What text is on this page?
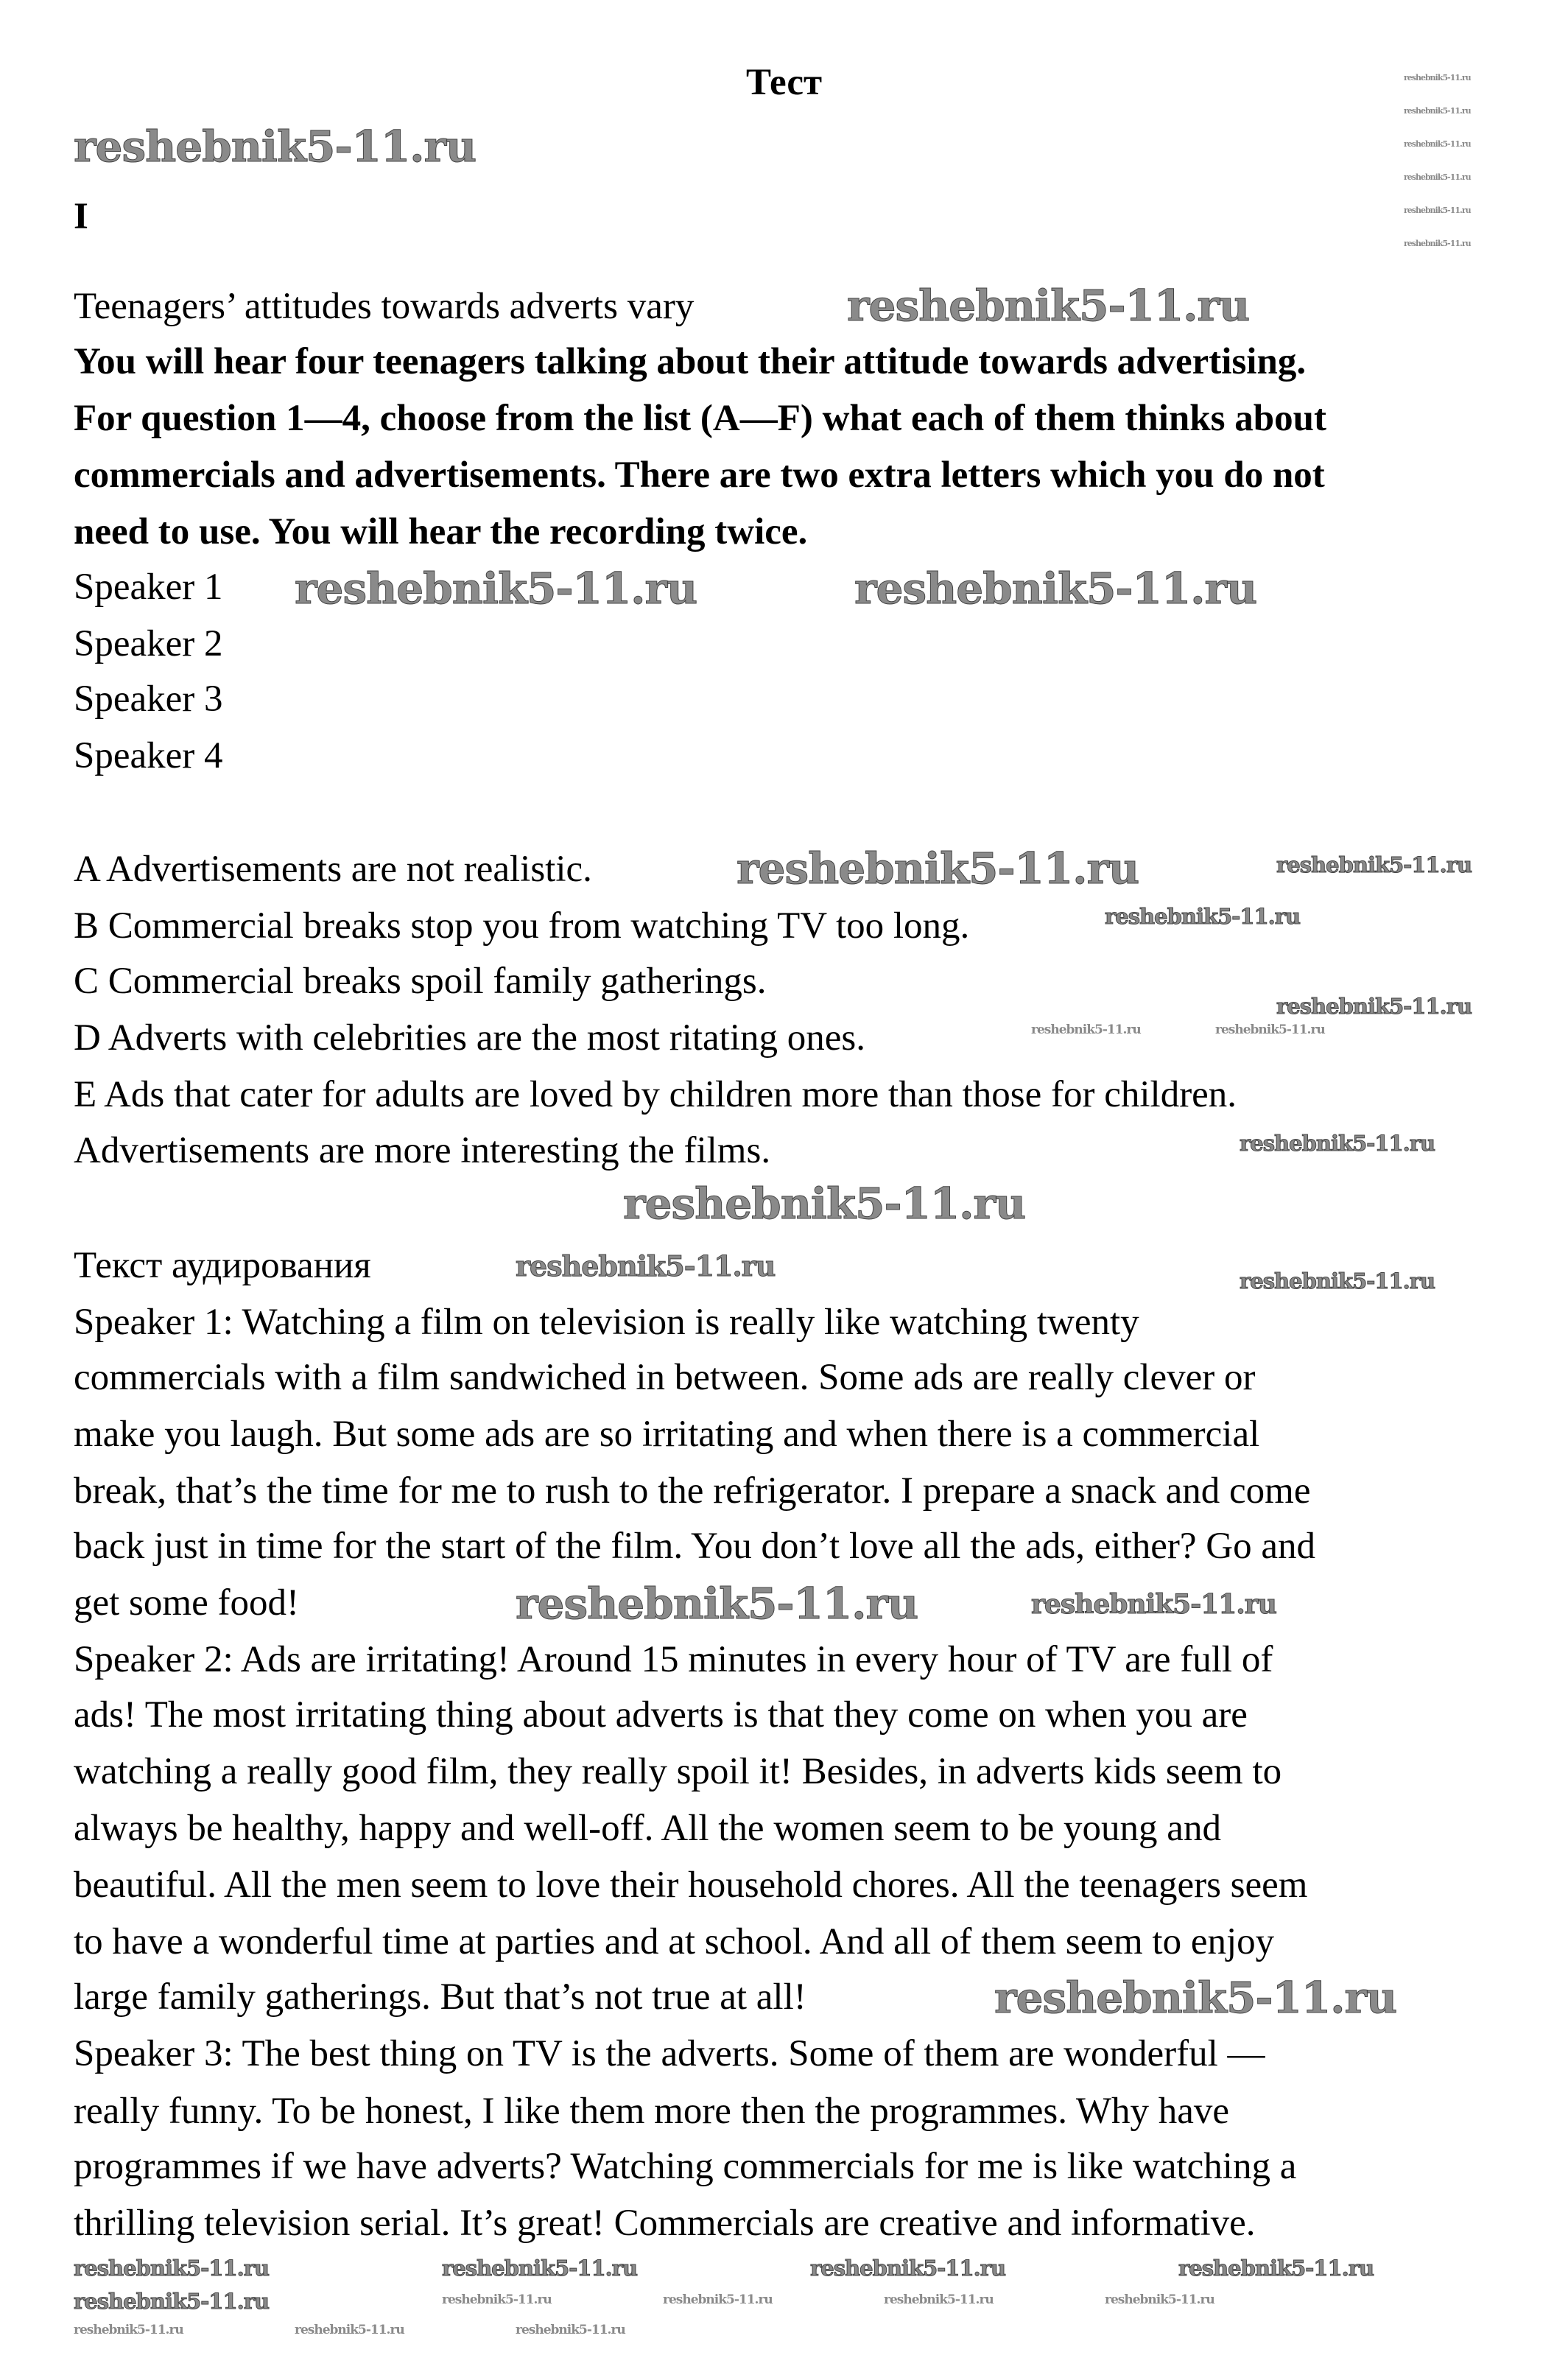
Тест
I
Teenagers’ attitudes towards adverts vary
You will hear four teenagers talking about their attitude towards advertising.
For question 1—4, choose from the list (A—F) what each of them thinks about
commercials and advertisements. There are two extra letters which you do not
need to use. You will hear the recording twice.
Speaker 1
Speaker 2
Speaker 3
Speaker 4
A Advertisements are not realistic.
B Commercial breaks stop you from watching TV too long.
C Commercial breaks spoil family gatherings.
D Adverts with celebrities are the most ritating ones.
E Ads that cater for adults are loved by children more than those for children.
Advertisements are more interesting the films.
Текст аудирования
Speaker 1: Watching a film on television is really like watching twenty
commercials with a film sandwiched in between. Some ads are really clever or
make you laugh. But some ads are so irritating and when there is a commercial
break, that’s the time for me to rush to the refrigerator. I prepare a snack and come
back just in time for the start of the film. You don’t love all the ads, either? Go and
get some food!
Speaker 2: Ads are irritating! Around 15 minutes in every hour of TV are full of
ads! The most irritating thing about adverts is that they come on when you are
watching a really good film, they really spoil it! Besides, in adverts kids seem to
always be healthy, happy and well-off. All the women seem to be young and
beautiful. All the men seem to love their household chores. All the teenagers seem
to have a wonderful time at parties and at school. And all of them seem to enjoy
large family gatherings. But that’s not true at all!
Speaker 3: The best thing on TV is the adverts. Some of them are wonderful —
really funny. To be honest, I like them more then the programmes. Why have
programmes if we have adverts? Watching commercials for me is like watching a
thrilling television serial. It’s great! Commercials are creative and informative.
reshebnik5-11.ru
reshebnik5-11.ru
reshebnik5-11.ru	reshebnik5-11.ru
reshebnik5-11.ru
reshebnik5-11.ru
reshebnik5-11.ru
reshebnik5-11.ru
reshebnik5-11.ru
reshebnik5-11.ru
reshebnik5-11.ru
reshebnik5-11.ru
reshebnik5-11.ru
reshebnik5-11.ru
reshebnik5-11.ru
reshebnik5-11.ru	reshebnik5-11.ru
reshebnik5-11.ru	reshebnik5-11.ru	reshebnik5-11.ru	reshebnik5-11.ru
reshebnik5-11.ru	reshebnik5-11.ru	reshebnik5-11.ru	reshebnik5-11.ru	reshebnik5-11.ru
reshebnik5-11.ru	reshebnik5-11.ru	reshebnik5-11.ru
reshebnik5-11.ru
reshebnik5-11.ru
reshebnik5-11.ru
reshebnik5-11.ru
reshebnik5-11.ru
reshebnik5-11.ru
